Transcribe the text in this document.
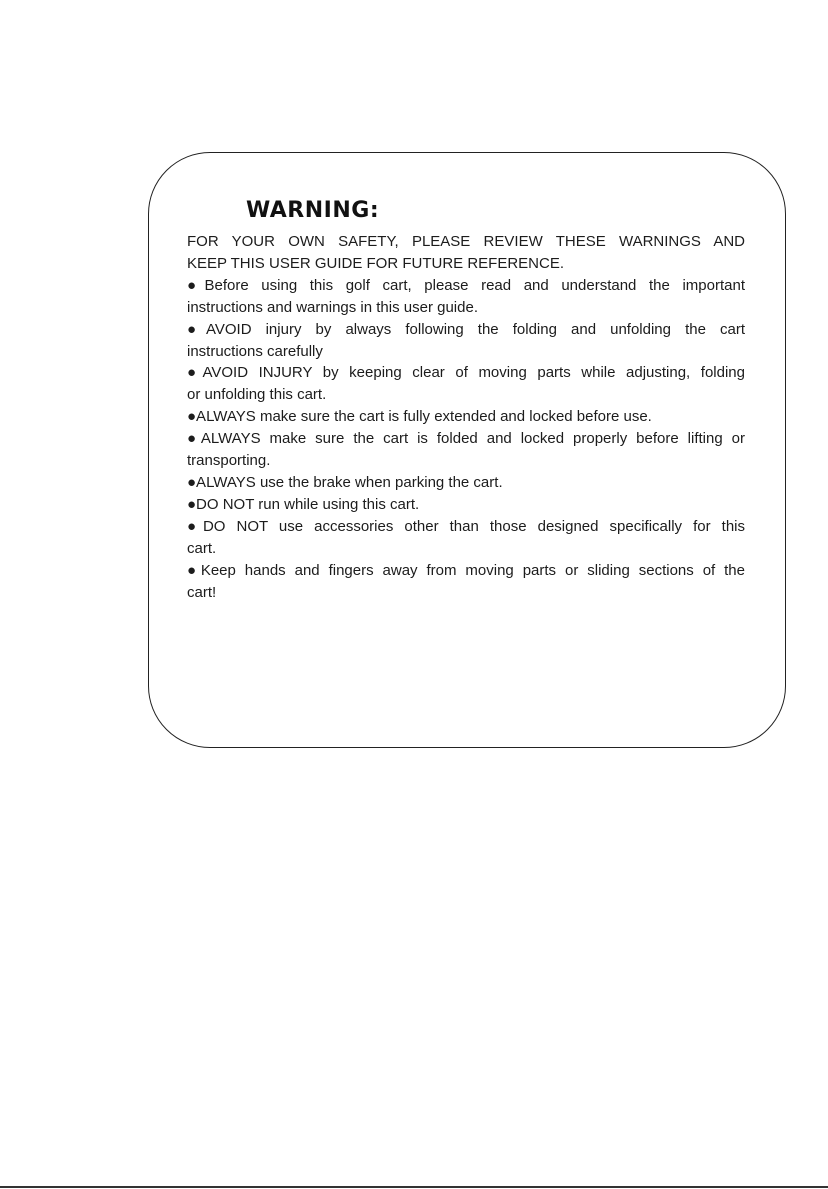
WARNING:
FOR YOUR OWN SAFETY, PLEASE REVIEW THESE WARNINGS AND
KEEP THIS USER GUIDE FOR FUTURE REFERENCE.
●Before using this golf cart, please read and understand the important
instructions and warnings in this user guide.
●AVOID injury by always following the folding and unfolding the cart
instructions carefully
●AVOID INJURY by keeping clear of moving parts while adjusting, folding
or unfolding this cart.
●ALWAYS make sure the cart is fully extended and locked before use.
●ALWAYS make sure the cart is folded and locked properly before lifting or
transporting.
●ALWAYS use the brake when parking the cart.
●DO NOT run while using this cart.
●DO NOT use accessories other than those designed specifically for this
cart.
●Keep hands and fingers away from moving parts or sliding sections of the
cart!
